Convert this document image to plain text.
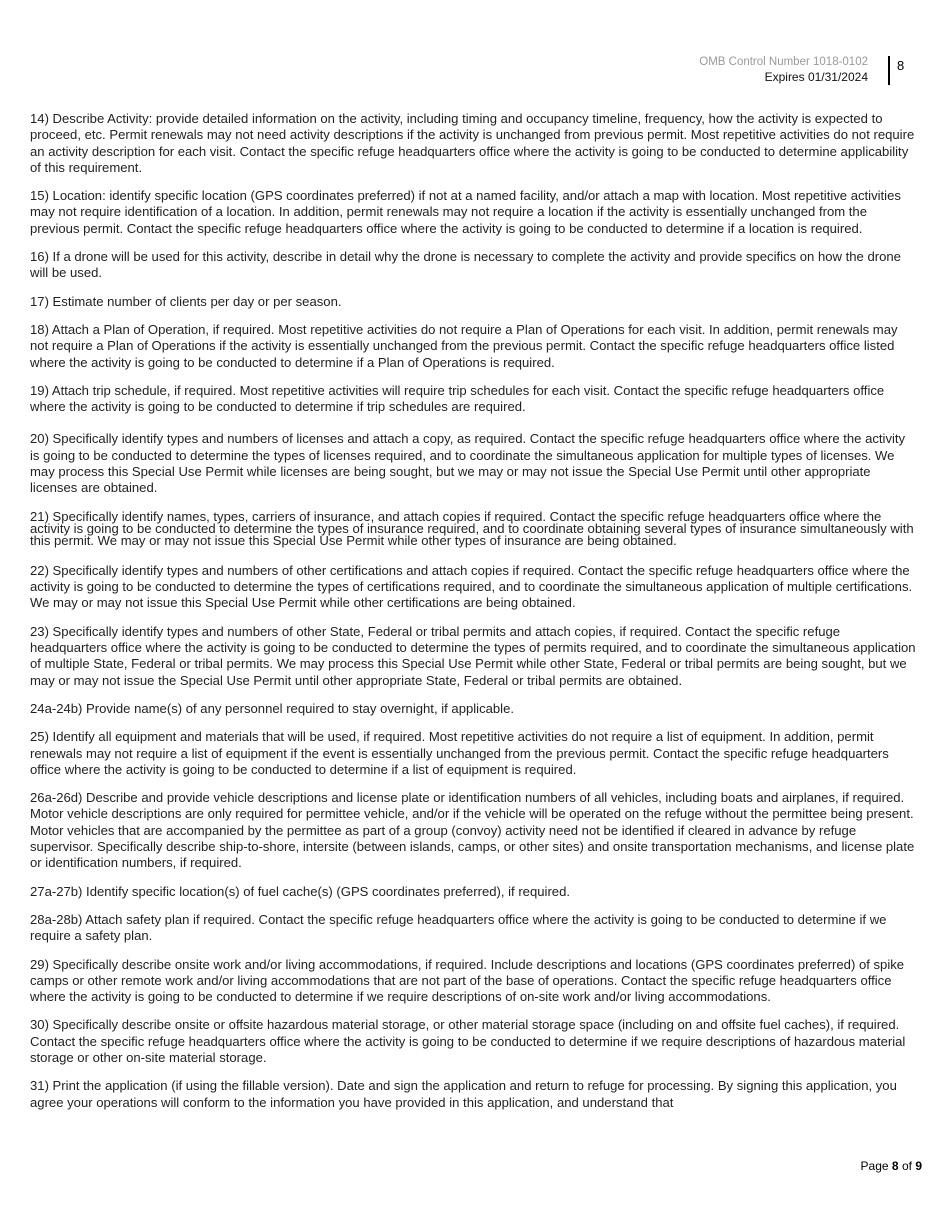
OMB Control Number 1018-0102
Expires 01/31/2024
8

14) Describe Activity: provide detailed information on the activity, including timing and occupancy timeline, frequency, how the activity is expected to proceed, etc. Permit renewals may not need activity descriptions if the activity is unchanged from previous permit. Most repetitive activities do not require an activity description for each visit. Contact the specific refuge headquarters office where the activity is going to be conducted to determine applicability of this requirement.

15) Location: identify specific location (GPS coordinates preferred) if not at a named facility, and/or attach a map with location. Most repetitive activities may not require identification of a location. In addition, permit renewals may not require a location if the activity is essentially unchanged from the previous permit. Contact the specific refuge headquarters office where the activity is going to be conducted to determine if a location is required.

16) If a drone will be used for this activity, describe in detail why the drone is necessary to complete the activity and provide specifics on how the drone will be used.

17) Estimate number of clients per day or per season.

18) Attach a Plan of Operation, if required. Most repetitive activities do not require a Plan of Operations for each visit. In addition, permit renewals may not require a Plan of Operations if the activity is essentially unchanged from the previous permit. Contact the specific refuge headquarters office listed where the activity is going to be conducted to determine if a Plan of Operations is required.

19) Attach trip schedule, if required. Most repetitive activities will require trip schedules for each visit. Contact the specific refuge headquarters office where the activity is going to be conducted to determine if trip schedules are required.

20) Specifically identify types and numbers of licenses and attach a copy, as required. Contact the specific refuge headquarters office where the activity is going to be conducted to determine the types of licenses required, and to coordinate the simultaneous application for multiple types of licenses. We may process this Special Use Permit while licenses are being sought, but we may or may not issue the Special Use Permit until other appropriate licenses are obtained.

21) Specifically identify names, types, carriers of insurance, and attach copies if required. Contact the specific refuge headquarters office where the activity is going to be conducted to determine the types of insurance required, and to coordinate obtaining several types of insurance simultaneously with this permit. We may or may not issue this Special Use Permit while other types of insurance are being obtained.

22) Specifically identify types and numbers of other certifications and attach copies if required. Contact the specific refuge headquarters office where the activity is going to be conducted to determine the types of certifications required, and to coordinate the simultaneous application of multiple certifications. We may or may not issue this Special Use Permit while other certifications are being obtained.

23) Specifically identify types and numbers of other State, Federal or tribal permits and attach copies, if required. Contact the specific refuge headquarters office where the activity is going to be conducted to determine the types of permits required, and to coordinate the simultaneous application of multiple State, Federal or tribal permits. We may process this Special Use Permit while other State, Federal or tribal permits are being sought, but we may or may not issue the Special Use Permit until other appropriate State, Federal or tribal permits are obtained.

24a-24b) Provide name(s) of any personnel required to stay overnight, if applicable.

25) Identify all equipment and materials that will be used, if required. Most repetitive activities do not require a list of equipment. In addition, permit renewals may not require a list of equipment if the event is essentially unchanged from the previous permit. Contact the specific refuge headquarters office where the activity is going to be conducted to determine if a list of equipment is required.

26a-26d) Describe and provide vehicle descriptions and license plate or identification numbers of all vehicles, including boats and airplanes, if required. Motor vehicle descriptions are only required for permittee vehicle, and/or if the vehicle will be operated on the refuge without the permittee being present. Motor vehicles that are accompanied by the permittee as part of a group (convoy) activity need not be identified if cleared in advance by refuge supervisor. Specifically describe ship-to-shore, intersite (between islands, camps, or other sites) and onsite transportation mechanisms, and license plate or identification numbers, if required.

27a-27b) Identify specific location(s) of fuel cache(s) (GPS coordinates preferred), if required.

28a-28b) Attach safety plan if required. Contact the specific refuge headquarters office where the activity is going to be conducted to determine if we require a safety plan.

29) Specifically describe onsite work and/or living accommodations, if required. Include descriptions and locations (GPS coordinates preferred) of spike camps or other remote work and/or living accommodations that are not part of the base of operations. Contact the specific refuge headquarters office where the activity is going to be conducted to determine if we require descriptions of on-site work and/or living accommodations.

30) Specifically describe onsite or offsite hazardous material storage, or other material storage space (including on and offsite fuel caches), if required. Contact the specific refuge headquarters office where the activity is going to be conducted to determine if we require descriptions of hazardous material storage or other on-site material storage.

31) Print the application (if using the fillable version). Date and sign the application and return to refuge for processing. By signing this application, you agree your operations will conform to the information you have provided in this application, and understand that

Page 8 of 9
